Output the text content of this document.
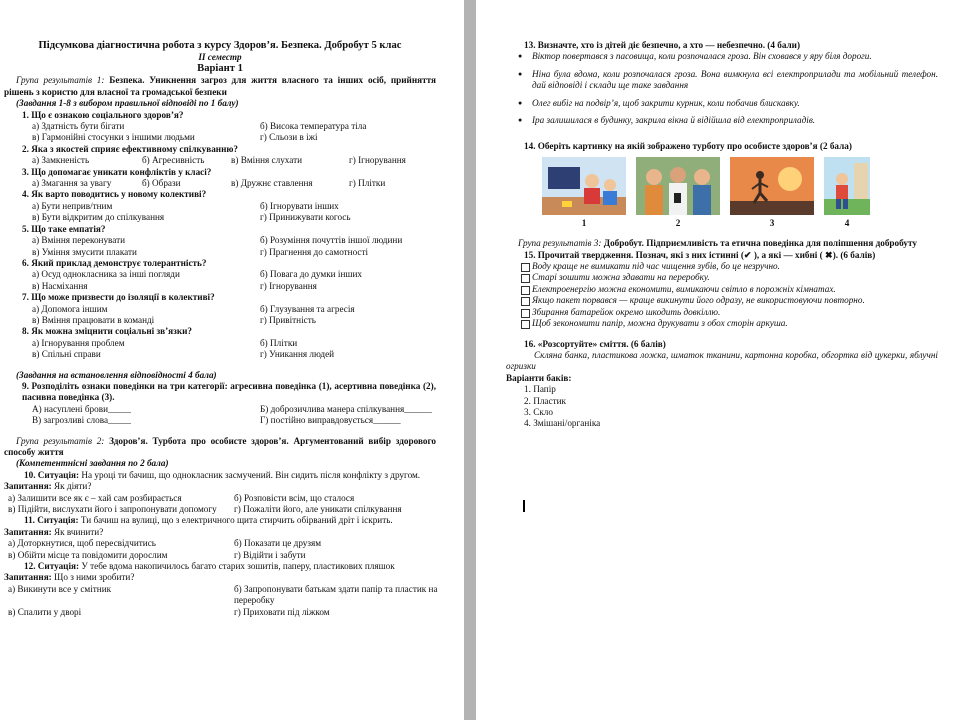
Підсумкова діагностична робота з курсу Здоров’я. Безпека. Добробут 5 клас
ІІ семестр
Варіант 1
Група результатів 1: Безпека. Уникнення загроз для життя власного та інших осіб, прийняття рішень з користю для власної та громадської безпеки
(Завдання 1-8 з вибором правильної відповіді по 1 балу)
1. Що є ознакою соціального здоров’я?
а) Здатність бути бігати	б) Висока температура тіла
в) Гармонійні стосунки з іншими людьми	г) Сльози в іжі
2. Яка з якостей сприяє ефективному спілкуванню?
а) Замкненість	б) Агресивність	в) Вміння слухати	г) Ігнорування
3. Що допомагає уникати конфліктів у класі?
а) Змагання за увагу	б) Образи	в) Дружнє ставлення	г) Плітки
4. Як варто поводитись у новому колективі?
а) Бути неприв/тним	б) Ігнорувати інших
в) Бути відкритим до спілкування	г) Принижувати когось
5. Що таке емпатія?
а) Вміння переконувати	б) Розуміння почуттів іншої людини
в) Уміння змусити плакати	г) Прагнення до самотності
6. Який приклад демонструє толерантність?
а) Осуд однокласника за інші погляди	б) Повага до думки інших
в) Насміхання	г) Ігнорування
7. Що може призвести до ізоляції в колективі?
а) Допомога іншим	б) Глузування та агресія
в) Вміння працювати в команді	г) Привітність
8. Як можна зміцнити соціальні зв’язки?
а) Ігнорування проблем	б) Плітки
в) Спільні справи	г) Уникання людей
(Завдання на встановлення відповідності 4 бала)
9. Розподіліть ознаки поведінки на три категорії: агресивна поведінка (1), асертивна поведінка (2), пасивна поведінка (3).
А) насуплені брови_____	Б) доброзичлива манера спілкування______
В) загрозливі слова_____	Г) постійно виправдовується______
Група результатів 2: Здоров’я. Турбота про особисте здоров’я. Аргументований вибір здорового способу життя
(Компетентнісні завдання по 2 бала)
10. Ситуація: На уроці ти бачиш, що однокласник засмучений. Він сидить після конфлікту з другом.
Запитання: Як діяти?
а) Залишити все як є – хай сам розбирається	б) Розповісти всім, що сталося
в) Підійти, вислухати його і запропонувати допомогу	г) Пожаліти його, але уникати спілкування
11. Ситуація: Ти бачиш на вулиці, що з електричного щита стирчить обірваний дріт і іскрить.
Запитання: Як вчинити?
а) Доторкнутися, щоб пересвідчитись	б) Показати це друзям
в) Обійти місце та повідомити дорослим	г) Відійти і забути
12. Ситуація: У тебе вдома накопичилось багато старих зошитів, паперу, пластикових пляшок
Запитання: Що з ними зробити?
а) Викинути все у смітник	б) Запропонувати батькам здати папір та пластик на переробку
в) Спалити у дворі	г) Приховати під ліжком
13. Визначте, хто із дітей діє безпечно, а хто — небезпечно. (4 бали)
● Віктор повертався з пасовища, коли розпочалася гроза. Він сховався у яру біля дороги.
● Ніна була вдома, коли розпочалася гроза. Вона вимкнула всі електроприлади та мобільний телефон. дай відповіді і склади ще таке завдання
● Олег вибіг на подвір’я, щоб закрити курник, коли побачив блискавку.
● Іра залишилася в будинку, закрила вікна й відійшла від електроприладів.
14. Оберіть картинку на якій зображено турботу про особисте здоров’я (2 бала)
1	2	3	4
Група результатів 3: Добробут. Підприємливість та етична поведінка для поліпшення добробуту
15. Прочитай твердження. Познач, які з них істинні (✔ ), а які — хибні ( ✖). (6 балів)
Воду краще не вимикати під час чищення зубів, бо це незручно.
Старі зошити можна здавати на переробку.
Електроенергію можна економити, вимикаючи світло в порожніх кімнатах.
Якщо пакет порвався — краще викинути його одразу, не використовуючи повторно.
Збирання батарейок окремо шкодить довкіллю.
Щоб зекономити папір, можна друкувати з обох сторін аркуша.
16. «Розсортуйте» сміття. (6 балів)
Скляна банка, пластикова ложка, шматок тканини, картонна коробка, обгортка від цукерки, яблучні огризки
Варіанти баків:
1. Папір
2. Пластик
3. Скло
4. Змішані/органіка
